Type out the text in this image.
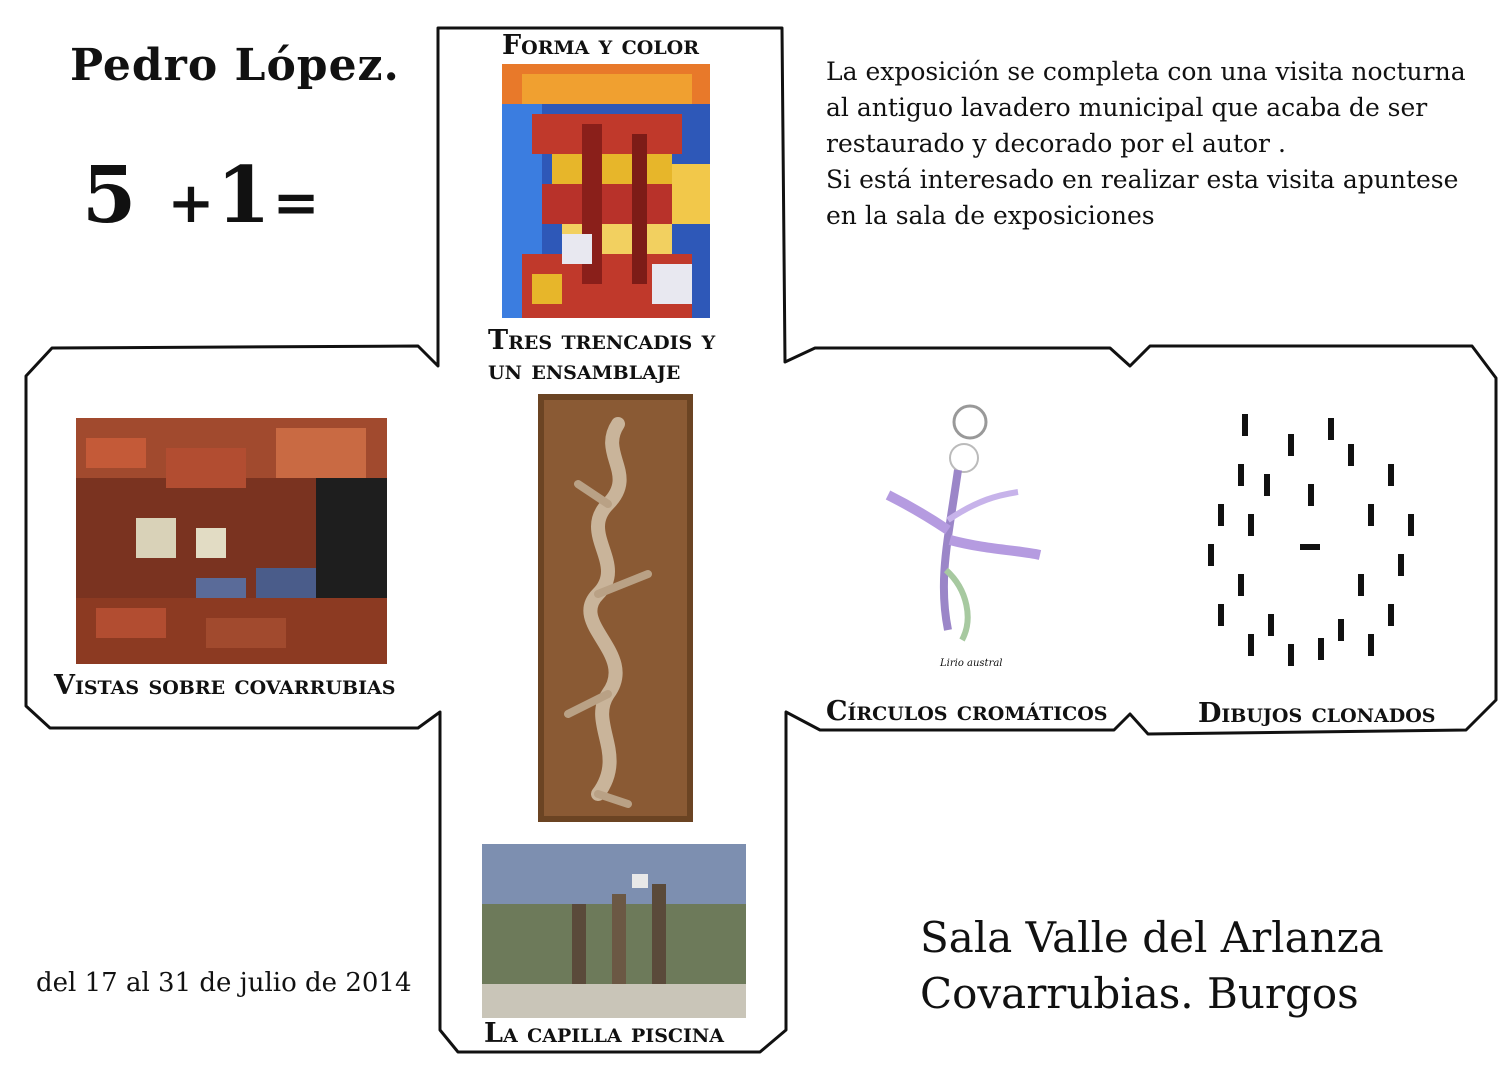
Pedro López.
5 +1=
La exposición se completa con una visita nocturna
al antiguo lavadero municipal que acaba de ser
restaurado y decorado por el autor .
Si está interesado en realizar esta visita apuntese
en la sala de exposiciones
Forma y color
Tres trencadis y
un ensamblaje
Vistas sobre covarrubias
Lirio austral
Círculos cromáticos	Dibujos clonados
La capilla piscina
del 17 al 31 de julio de 2014
Sala Valle del Arlanza
Covarrubias. Burgos
